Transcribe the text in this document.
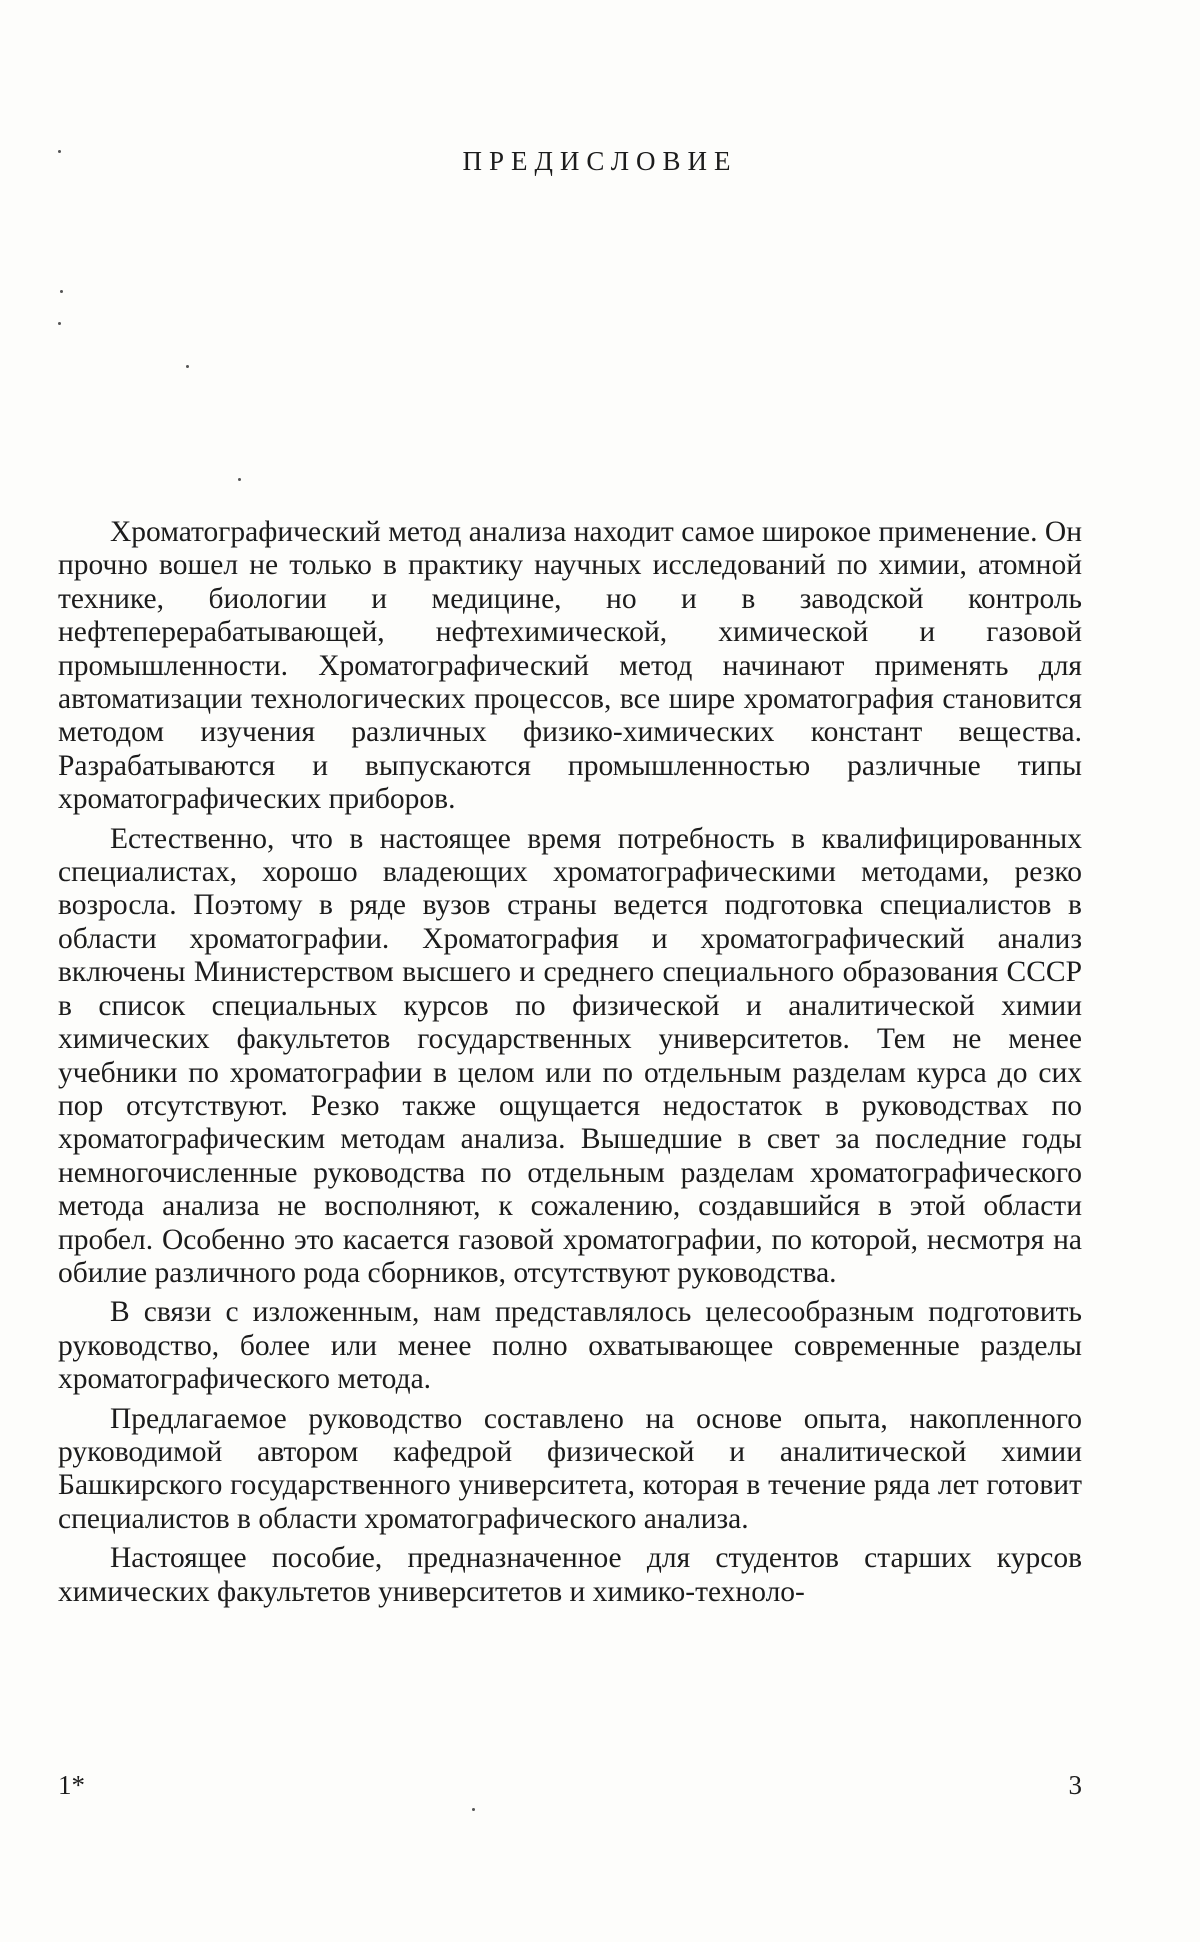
ПРЕДИСЛОВИЕ

Хроматографический метод анализа находит самое широкое применение. Он прочно вошел не только в практику научных исследований по химии, атомной технике, биологии и медицине, но и в заводской контроль нефтеперерабатывающей, нефтехимической, химической и газовой промышленности. Хроматографический метод начинают применять для автоматизации технологических процессов, все шире хроматография становится методом изучения различных физико-химических констант вещества. Разрабатываются и выпускаются промышленностью различные типы хроматографических приборов.

Естественно, что в настоящее время потребность в квалифицированных специалистах, хорошо владеющих хроматографическими методами, резко возросла. Поэтому в ряде вузов страны ведется подготовка специалистов в области хроматографии. Хроматография и хроматографический анализ включены Министерством высшего и среднего специального образования СССР в список специальных курсов по физической и аналитической химии химических факультетов государственных университетов. Тем не менее учебники по хроматографии в целом или по отдельным разделам курса до сих пор отсутствуют. Резко также ощущается недостаток в руководствах по хроматографическим методам анализа. Вышедшие в свет за последние годы немногочисленные руководства по отдельным разделам хроматографического метода анализа не восполняют, к сожалению, создавшийся в этой области пробел. Особенно это касается газовой хроматографии, по которой, несмотря на обилие различного рода сборников, отсутствуют руководства.

В связи с изложенным, нам представлялось целесообразным подготовить руководство, более или менее полно охватывающее современные разделы хроматографического метода.

Предлагаемое руководство составлено на основе опыта, накопленного руководимой автором кафедрой физической и аналитической химии Башкирского государственного университета, которая в течение ряда лет готовит специалистов в области хроматографического анализа.

Настоящее пособие, предназначенное для студентов старших курсов химических факультетов университетов и химико-техноло-

1*	3
